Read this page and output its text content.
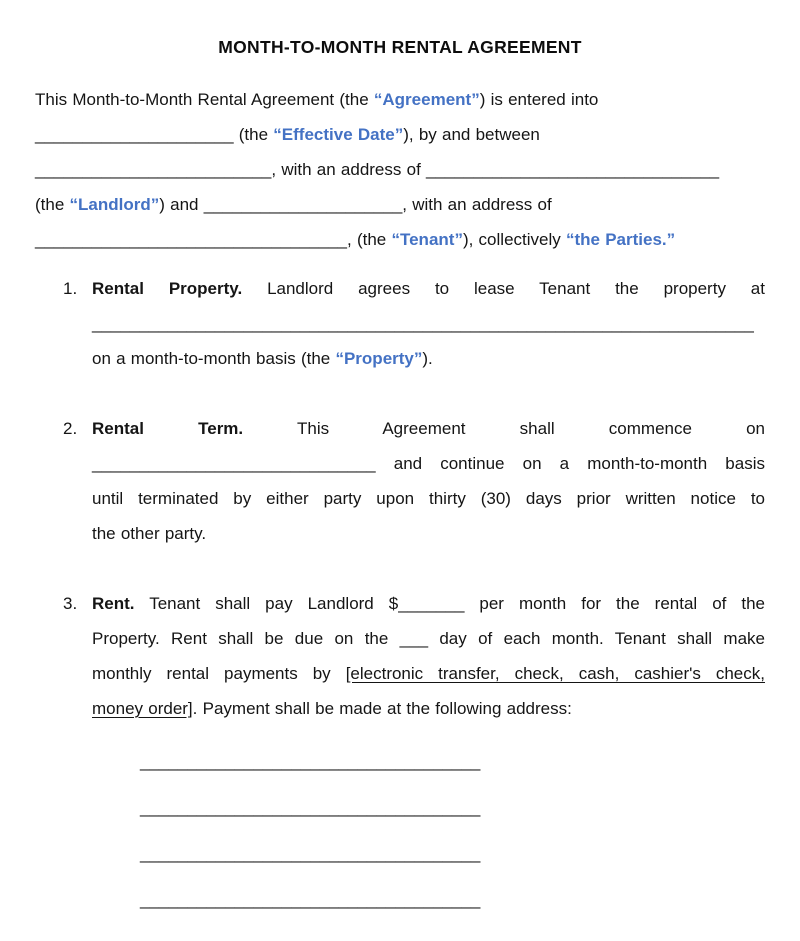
MONTH-TO-MONTH RENTAL AGREEMENT
This Month-to-Month Rental Agreement (the “Agreement”) is entered into
_____________________ (the “Effective Date”), by and between
_________________________, with an address of _______________________________
(the “Landlord”) and _____________________, with an address of
_________________________________, (the “Tenant”), collectively “the Parties.”
1. Rental Property. Landlord agrees to lease Tenant the property at
______________________________________________________________________
on a month-to-month basis (the “Property”).
2. Rental Term. This Agreement shall commence on
______________________________ and continue on a month-to-month basis
until terminated by either party upon thirty (30) days prior written notice to
the other party.
3. Rent. Tenant shall pay Landlord $_______ per month for the rental of the
Property. Rent shall be due on the ___ day of each month. Tenant shall make
monthly rental payments by [electronic transfer, check, cash, cashier's check,
money order]. Payment shall be made at the following address:
____________________________________
____________________________________
____________________________________
____________________________________
